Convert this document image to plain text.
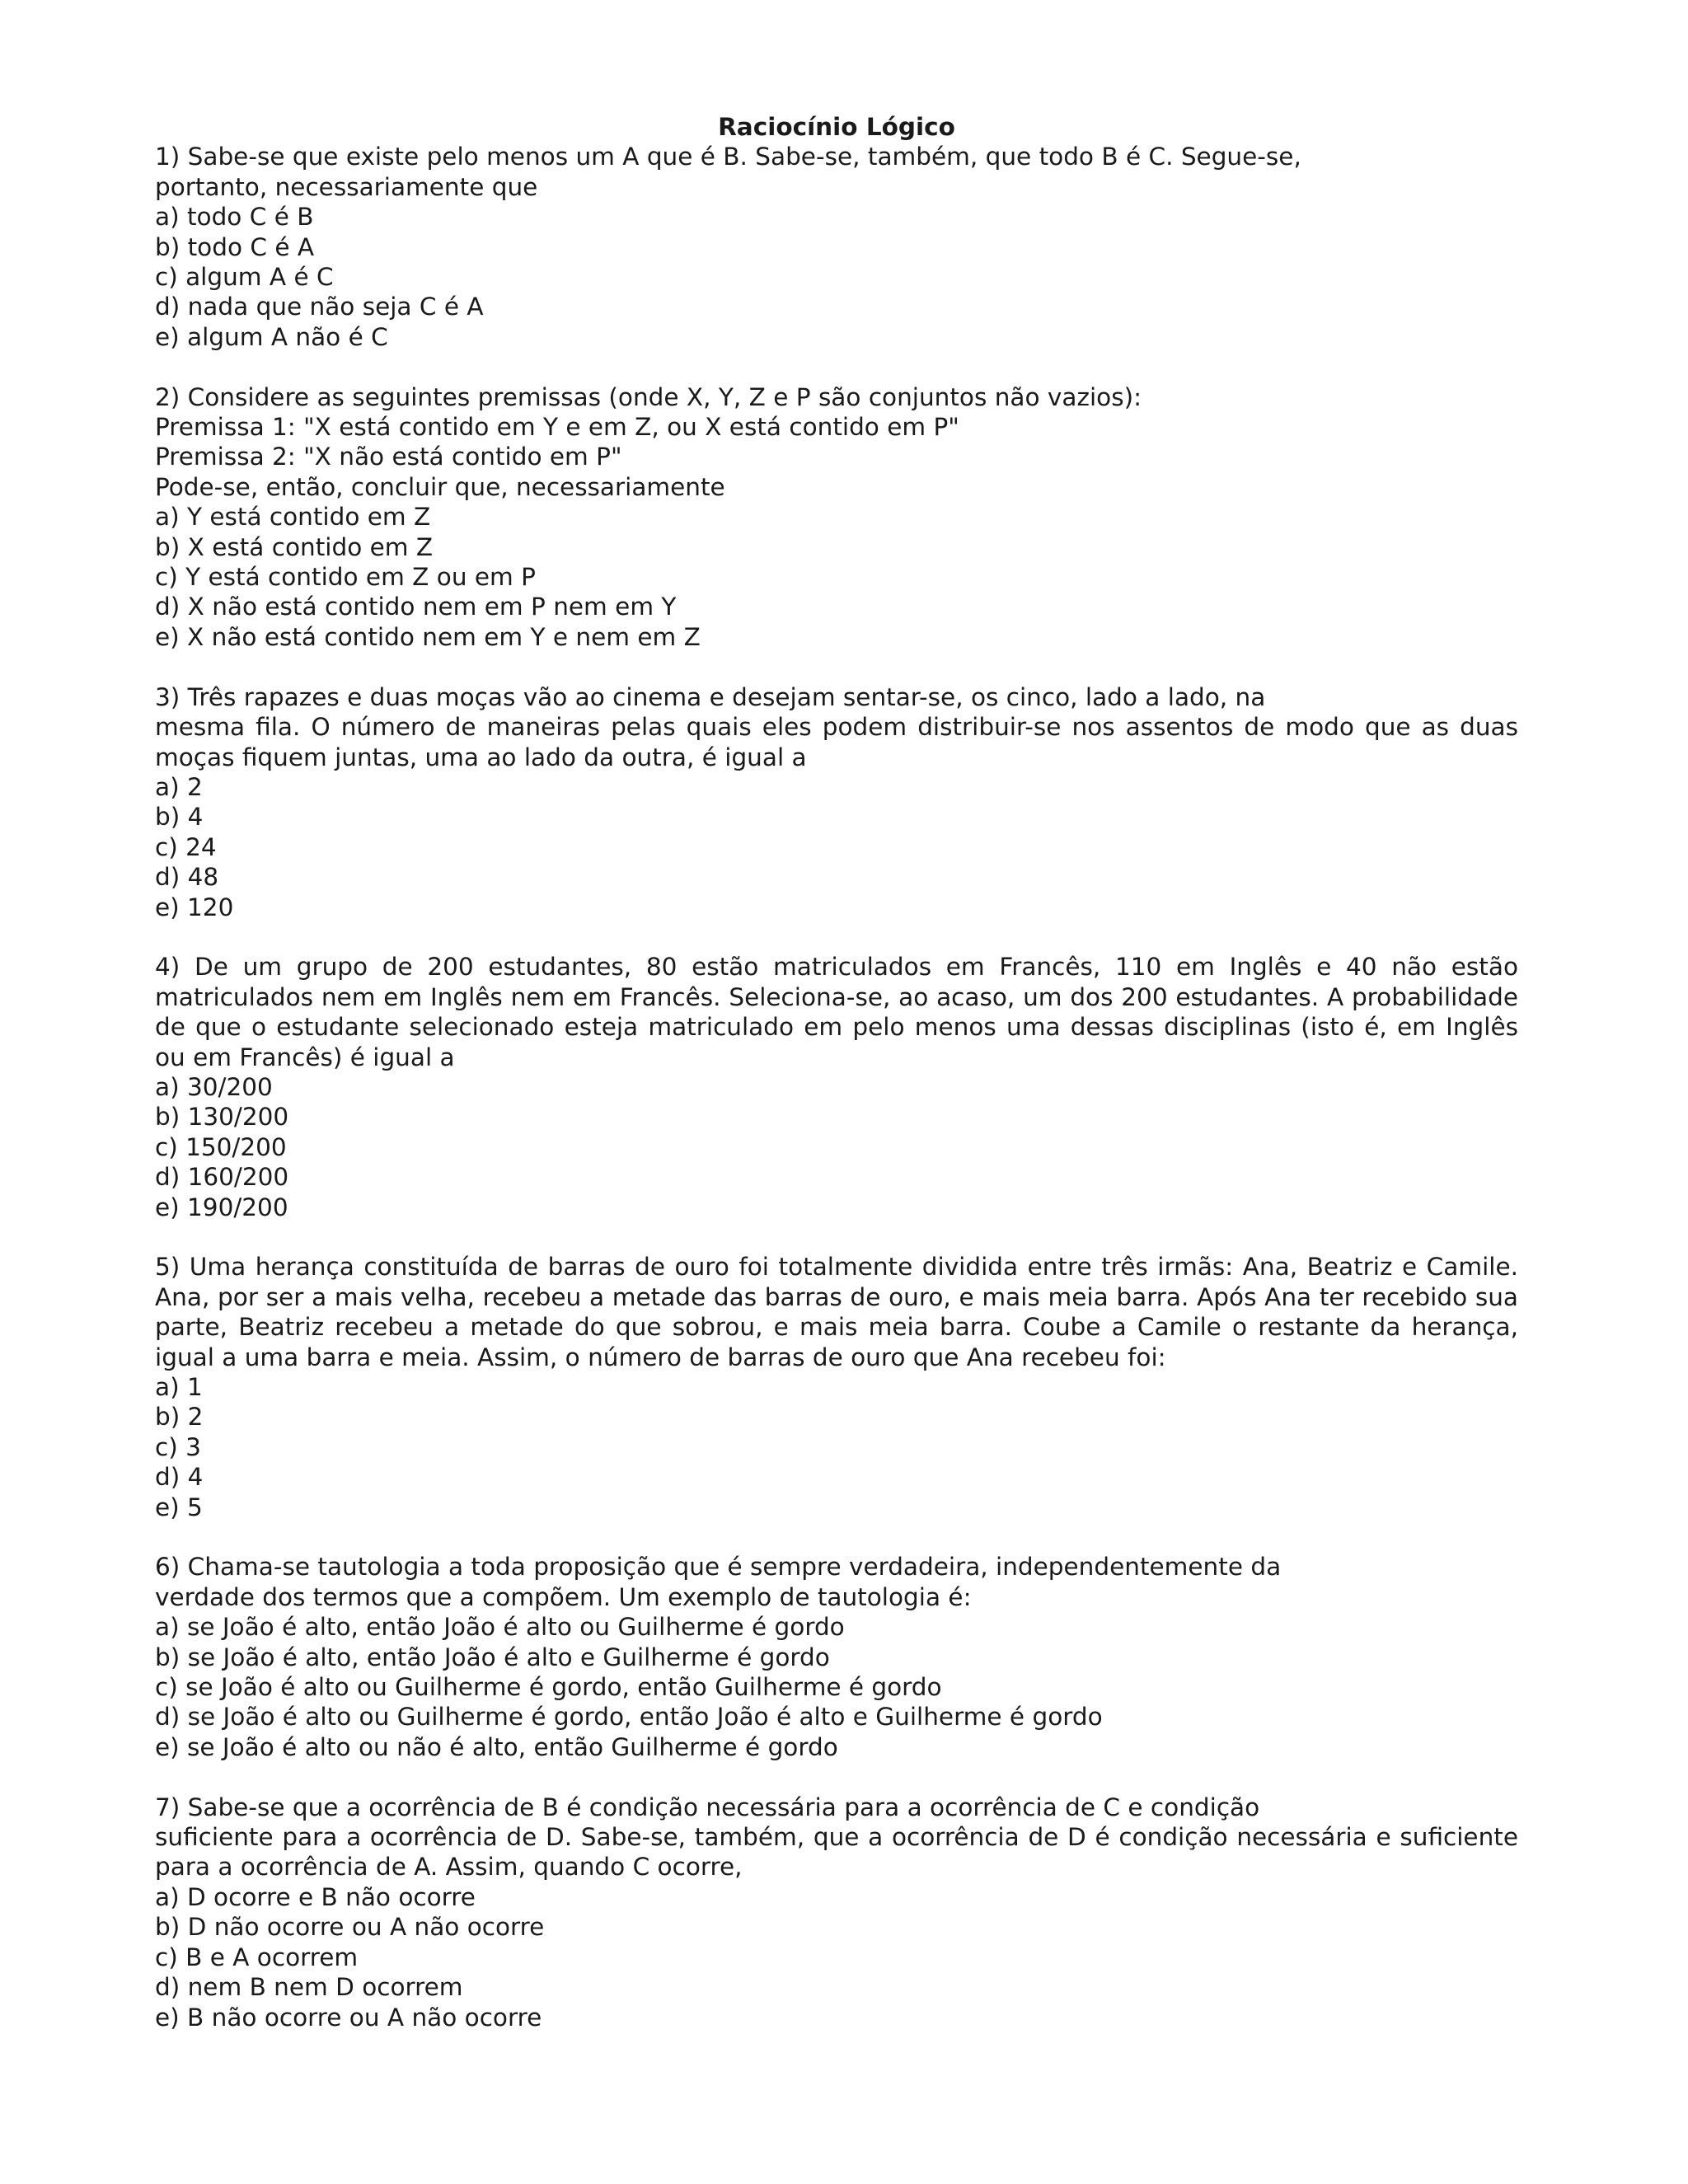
Raciocínio Lógico

1) Sabe-se que existe pelo menos um A que é B. Sabe-se, também, que todo B é C. Segue-se,

portanto, necessariamente que

a) todo C é B

b) todo C é A

c) algum A é C

d) nada que não seja C é A

e) algum A não é C

2) Considere as seguintes premissas (onde X, Y, Z e P são conjuntos não vazios):

Premissa 1: "X está contido em Y e em Z, ou X está contido em P"

Premissa 2: "X não está contido em P"

Pode-se, então, concluir que, necessariamente

a) Y está contido em Z

b) X está contido em Z

c) Y está contido em Z ou em P

d) X não está contido nem em P nem em Y

e) X não está contido nem em Y e nem em Z

3) Três rapazes e duas moças vão ao cinema e desejam sentar-se, os cinco, lado a lado, na

mesma fila. O número de maneiras pelas quais eles podem distribuir-se nos assentos de modo que as duas moças fiquem juntas, uma ao lado da outra, é igual a

a) 2

b) 4

c) 24

d) 48

e) 120

4) De um grupo de 200 estudantes, 80 estão matriculados em Francês, 110 em Inglês e 40 não estão matriculados nem em Inglês nem em Francês. Seleciona-se, ao acaso, um dos 200 estudantes. A probabilidade de que o estudante selecionado esteja matriculado em pelo menos uma dessas disciplinas (isto é, em Inglês ou em Francês) é igual a

a) 30/200

b) 130/200

c) 150/200

d) 160/200

e) 190/200

5) Uma herança constituída de barras de ouro foi totalmente dividida entre três irmãs: Ana, Beatriz e Camile. Ana, por ser a mais velha, recebeu a metade das barras de ouro, e mais meia barra. Após Ana ter recebido sua parte, Beatriz recebeu a metade do que sobrou, e mais meia barra. Coube a Camile o restante da herança, igual a uma barra e meia. Assim, o número de barras de ouro que Ana recebeu foi:

a) 1

b) 2

c) 3

d) 4

e) 5

6) Chama-se tautologia a toda proposição que é sempre verdadeira, independentemente da

verdade dos termos que a compõem. Um exemplo de tautologia é:

a) se João é alto, então João é alto ou Guilherme é gordo

b) se João é alto, então João é alto e Guilherme é gordo

c) se João é alto ou Guilherme é gordo, então Guilherme é gordo

d) se João é alto ou Guilherme é gordo, então João é alto e Guilherme é gordo

e) se João é alto ou não é alto, então Guilherme é gordo

7) Sabe-se que a ocorrência de B é condição necessária para a ocorrência de C e condição

suficiente para a ocorrência de D. Sabe-se, também, que a ocorrência de D é condição necessária e suficiente para a ocorrência de A. Assim, quando C ocorre,

a) D ocorre e B não ocorre

b) D não ocorre ou A não ocorre

c) B e A ocorrem

d) nem B nem D ocorrem

e) B não ocorre ou A não ocorre
